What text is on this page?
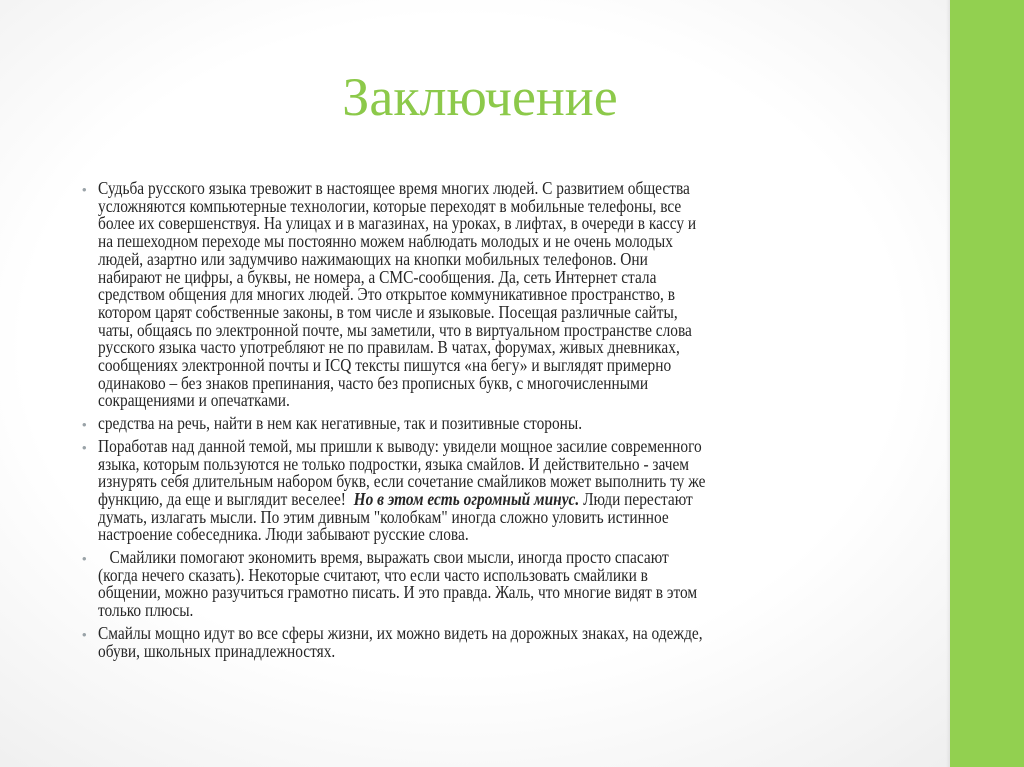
Заключение
• Судьба русского языка тревожит в настоящее время многих людей. С развитием общества
усложняются компьютерные технологии, которые переходят в мобильные телефоны, все
более их совершенствуя. На улицах и в магазинах, на уроках, в лифтах, в очереди в кассу и
на пешеходном переходе мы постоянно можем наблюдать молодых и не очень молодых
людей, азартно или задумчиво нажимающих на кнопки мобильных телефонов. Они
набирают не цифры, а буквы, не номера, а СМС-сообщения. Да, сеть Интернет стала
средством общения для многих людей. Это открытое коммуникативное пространство, в
котором царят собственные законы, в том числе и языковые. Посещая различные сайты,
чаты, общаясь по электронной почте, мы заметили, что в виртуальном пространстве слова
русского языка часто употребляют не по правилам. В чатах, форумах, живых дневниках,
сообщениях электронной почты и ICQ тексты пишутся «на бегу» и выглядят примерно
одинаково – без знаков препинания, часто без прописных букв, с многочисленными
сокращениями и опечатками.
• средства на речь, найти в нем как негативные, так и позитивные стороны.
• Поработав над данной темой, мы пришли к выводу: увидели мощное засилие современного
языка, которым пользуются не только подростки, языка смайлов. И действительно - зачем
изнурять себя длительным набором букв, если сочетание смайликов может выполнить ту же
функцию, да еще и выглядит веселее!  Но в этом есть огромный минус. Люди перестают
думать, излагать мысли. По этим дивным "колобкам" иногда сложно уловить истинное
настроение собеседника. Люди забывают русские слова.
• Смайлики помогают экономить время, выражать свои мысли, иногда просто спасают
(когда нечего сказать). Некоторые считают, что если часто использовать смайлики в
общении, можно разучиться грамотно писать. И это правда. Жаль, что многие видят в этом
только плюсы.
• Смайлы мощно идут во все сферы жизни, их можно видеть на дорожных знаках, на одежде,
обуви, школьных принадлежностях.
